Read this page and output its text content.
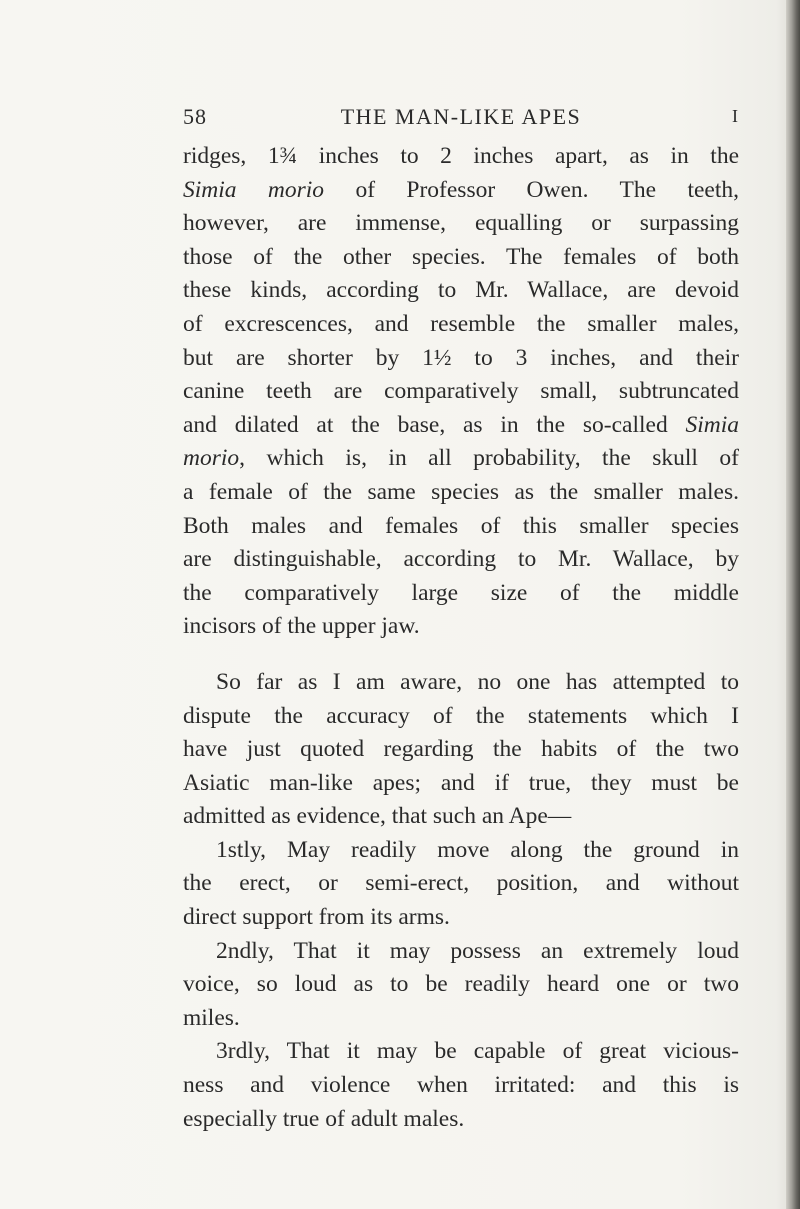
58	THE MAN-LIKE APES	I
ridges, 1¾ inches to 2 inches apart, as in the
Simia morio of Professor Owen. The teeth,
however, are immense, equalling or surpassing
those of the other species. The females of both
these kinds, according to Mr. Wallace, are devoid
of excrescences, and resemble the smaller males,
but are shorter by 1½ to 3 inches, and their
canine teeth are comparatively small, subtruncated
and dilated at the base, as in the so-called Simia
morio, which is, in all probability, the skull of
a female of the same species as the smaller males.
Both males and females of this smaller species
are distinguishable, according to Mr. Wallace, by
the comparatively large size of the middle
incisors of the upper jaw.
So far as I am aware, no one has attempted to
dispute the accuracy of the statements which I
have just quoted regarding the habits of the two
Asiatic man-like apes; and if true, they must be
admitted as evidence, that such an Ape—
1stly, May readily move along the ground in
the erect, or semi-erect, position, and without
direct support from its arms.
2ndly, That it may possess an extremely loud
voice, so loud as to be readily heard one or two
miles.
3rdly, That it may be capable of great vicious-
ness and violence when irritated: and this is
especially true of adult males.
